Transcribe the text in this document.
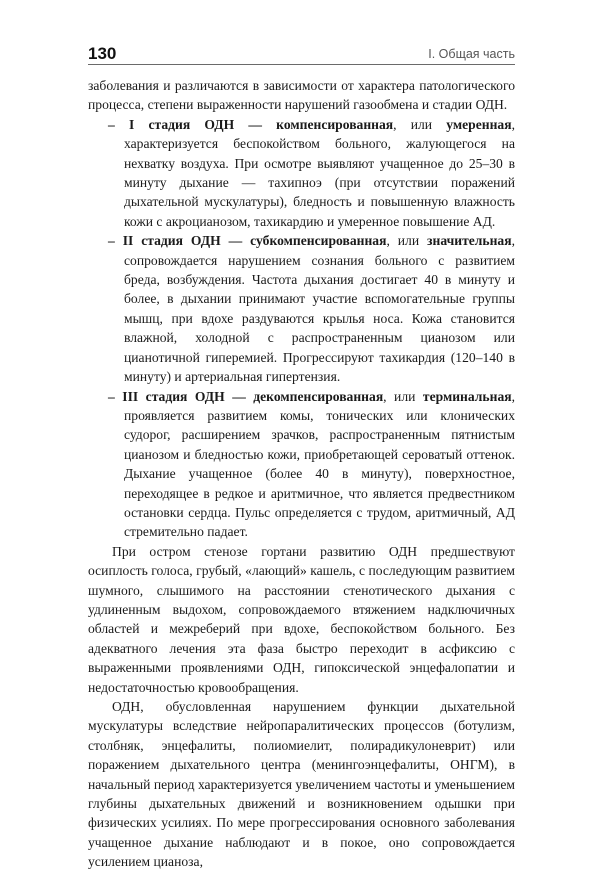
130	I. Общая часть

заболевания и различаются в зависимости от характера патологического процесса, степени выраженности нарушений газообмена и стадии ОДН.

– I стадия ОДН — компенсированная, или умеренная, характеризуется беспокойством больного, жалующегося на нехватку воздуха. При осмотре выявляют учащенное до 25–30 в минуту дыхание — тахипноэ (при отсутствии поражений дыхательной мускулатуры), бледность и повышенную влажность кожи с акроцианозом, тахикардию и умеренное повышение АД.

– II стадия ОДН — субкомпенсированная, или значительная, сопровождается нарушением сознания больного с развитием бреда, возбуждения. Частота дыхания достигает 40 в минуту и более, в дыхании принимают участие вспомогательные группы мышц, при вдохе раздуваются крылья носа. Кожа становится влажной, холодной с распространенным цианозом или цианотичной гиперемией. Прогрессируют тахикардия (120–140 в минуту) и артериальная гипертензия.

– III стадия ОДН — декомпенсированная, или терминальная, проявляется развитием комы, тонических или клонических судорог, расширением зрачков, распространенным пятнистым цианозом и бледностью кожи, приобретающей сероватый оттенок. Дыхание учащенное (более 40 в минуту), поверхностное, переходящее в редкое и аритмичное, что является предвестником остановки сердца. Пульс определяется с трудом, аритмичный, АД стремительно падает.

При остром стенозе гортани развитию ОДН предшествуют осиплость голоса, грубый, «лающий» кашель, с последующим развитием шумного, слышимого на расстоянии стенотического дыхания с удлиненным выдохом, сопровождаемого втяжением надключичных областей и межреберий при вдохе, беспокойством больного. Без адекватного лечения эта фаза быстро переходит в асфиксию с выраженными проявлениями ОДН, гипоксической энцефалопатии и недостаточностью кровообращения.

ОДН, обусловленная нарушением функции дыхательной мускулатуры вследствие нейропаралитических процессов (ботулизм, столбняк, энцефалиты, полиомиелит, полирадикулоневрит) или поражением дыхательного центра (менингоэнцефалиты, ОНГМ), в начальный период характеризуется увеличением частоты и уменьшением глубины дыхательных движений и возникновением одышки при физических усилиях. По мере прогрессирования основного заболевания учащенное дыхание наблюдают и в покое, оно сопровождается усилением цианоза,
